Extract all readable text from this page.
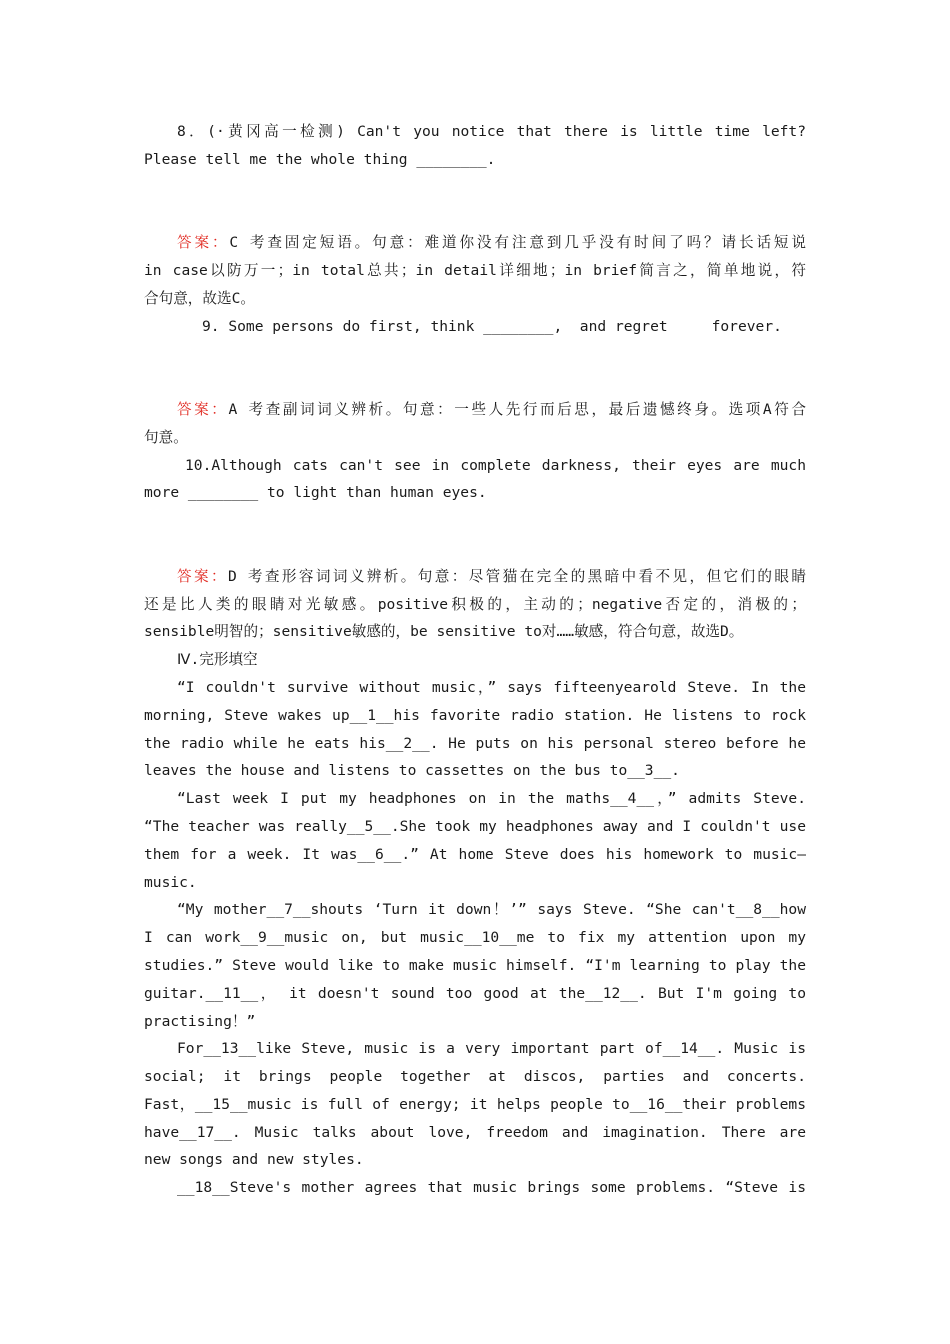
8．(·黄冈高一检测) Can't you notice that there is little time left?
Please tell me the whole thing ________.

答案：C 考查固定短语。句意：难道你没有注意到几乎没有时间了吗？请长话短说
in case以防万一；in total总共；in detail详细地；in brief简言之，简单地说，符
合句意，故选C。
9. Some persons do first, think ________,  and regret     forever.

答案：A 考查副词词义辨析。句意：一些人先行而后思，最后遗憾终身。选项A符合
句意。
10.Although cats can't see in complete darkness, their eyes are much
more ________ to light than human eyes.

答案：D 考查形容词词义辨析。句意：尽管猫在完全的黑暗中看不见，但它们的眼睛
还是比人类的眼睛对光敏感。positive积极的，主动的；negative否定的，消极的；
sensible明智的；sensitive敏感的，be sensitive to对……敏感，符合句意，故选D。
Ⅳ.完形填空
“I couldn't survive without music，” says fifteenyearold Steve. In the
morning, Steve wakes up__1__his favorite radio station. He listens to rock
the radio while he eats his__2__. He puts on his personal stereo before he
leaves the house and listens to cassettes on the bus to__3__.
“Last week I put my headphones on in the maths__4__，” admits Steve.
“The teacher was really__5__.She took my headphones away and I couldn't use
them for a week. It was__6__.” At home Steve does his homework to music—
music.
“My mother__7__shouts ‘Turn it down！’” says Steve. “She can't__8__how
I can work__9__music on, but music__10__me to fix my attention upon my
studies.” Steve would like to make music himself. “I'm learning to play the
guitar.__11__， it doesn't sound too good at the__12__. But I'm going to
practising！”
For__13__like Steve, music is a very important part of__14__. Music is
social; it brings people together at discos, parties and concerts.
Fast，__15__music is full of energy; it helps people to__16__their problems
have__17__. Music talks about love, freedom and imagination. There are
new songs and new styles.
__18__Steve's mother agrees that music brings some problems. “Steve is
